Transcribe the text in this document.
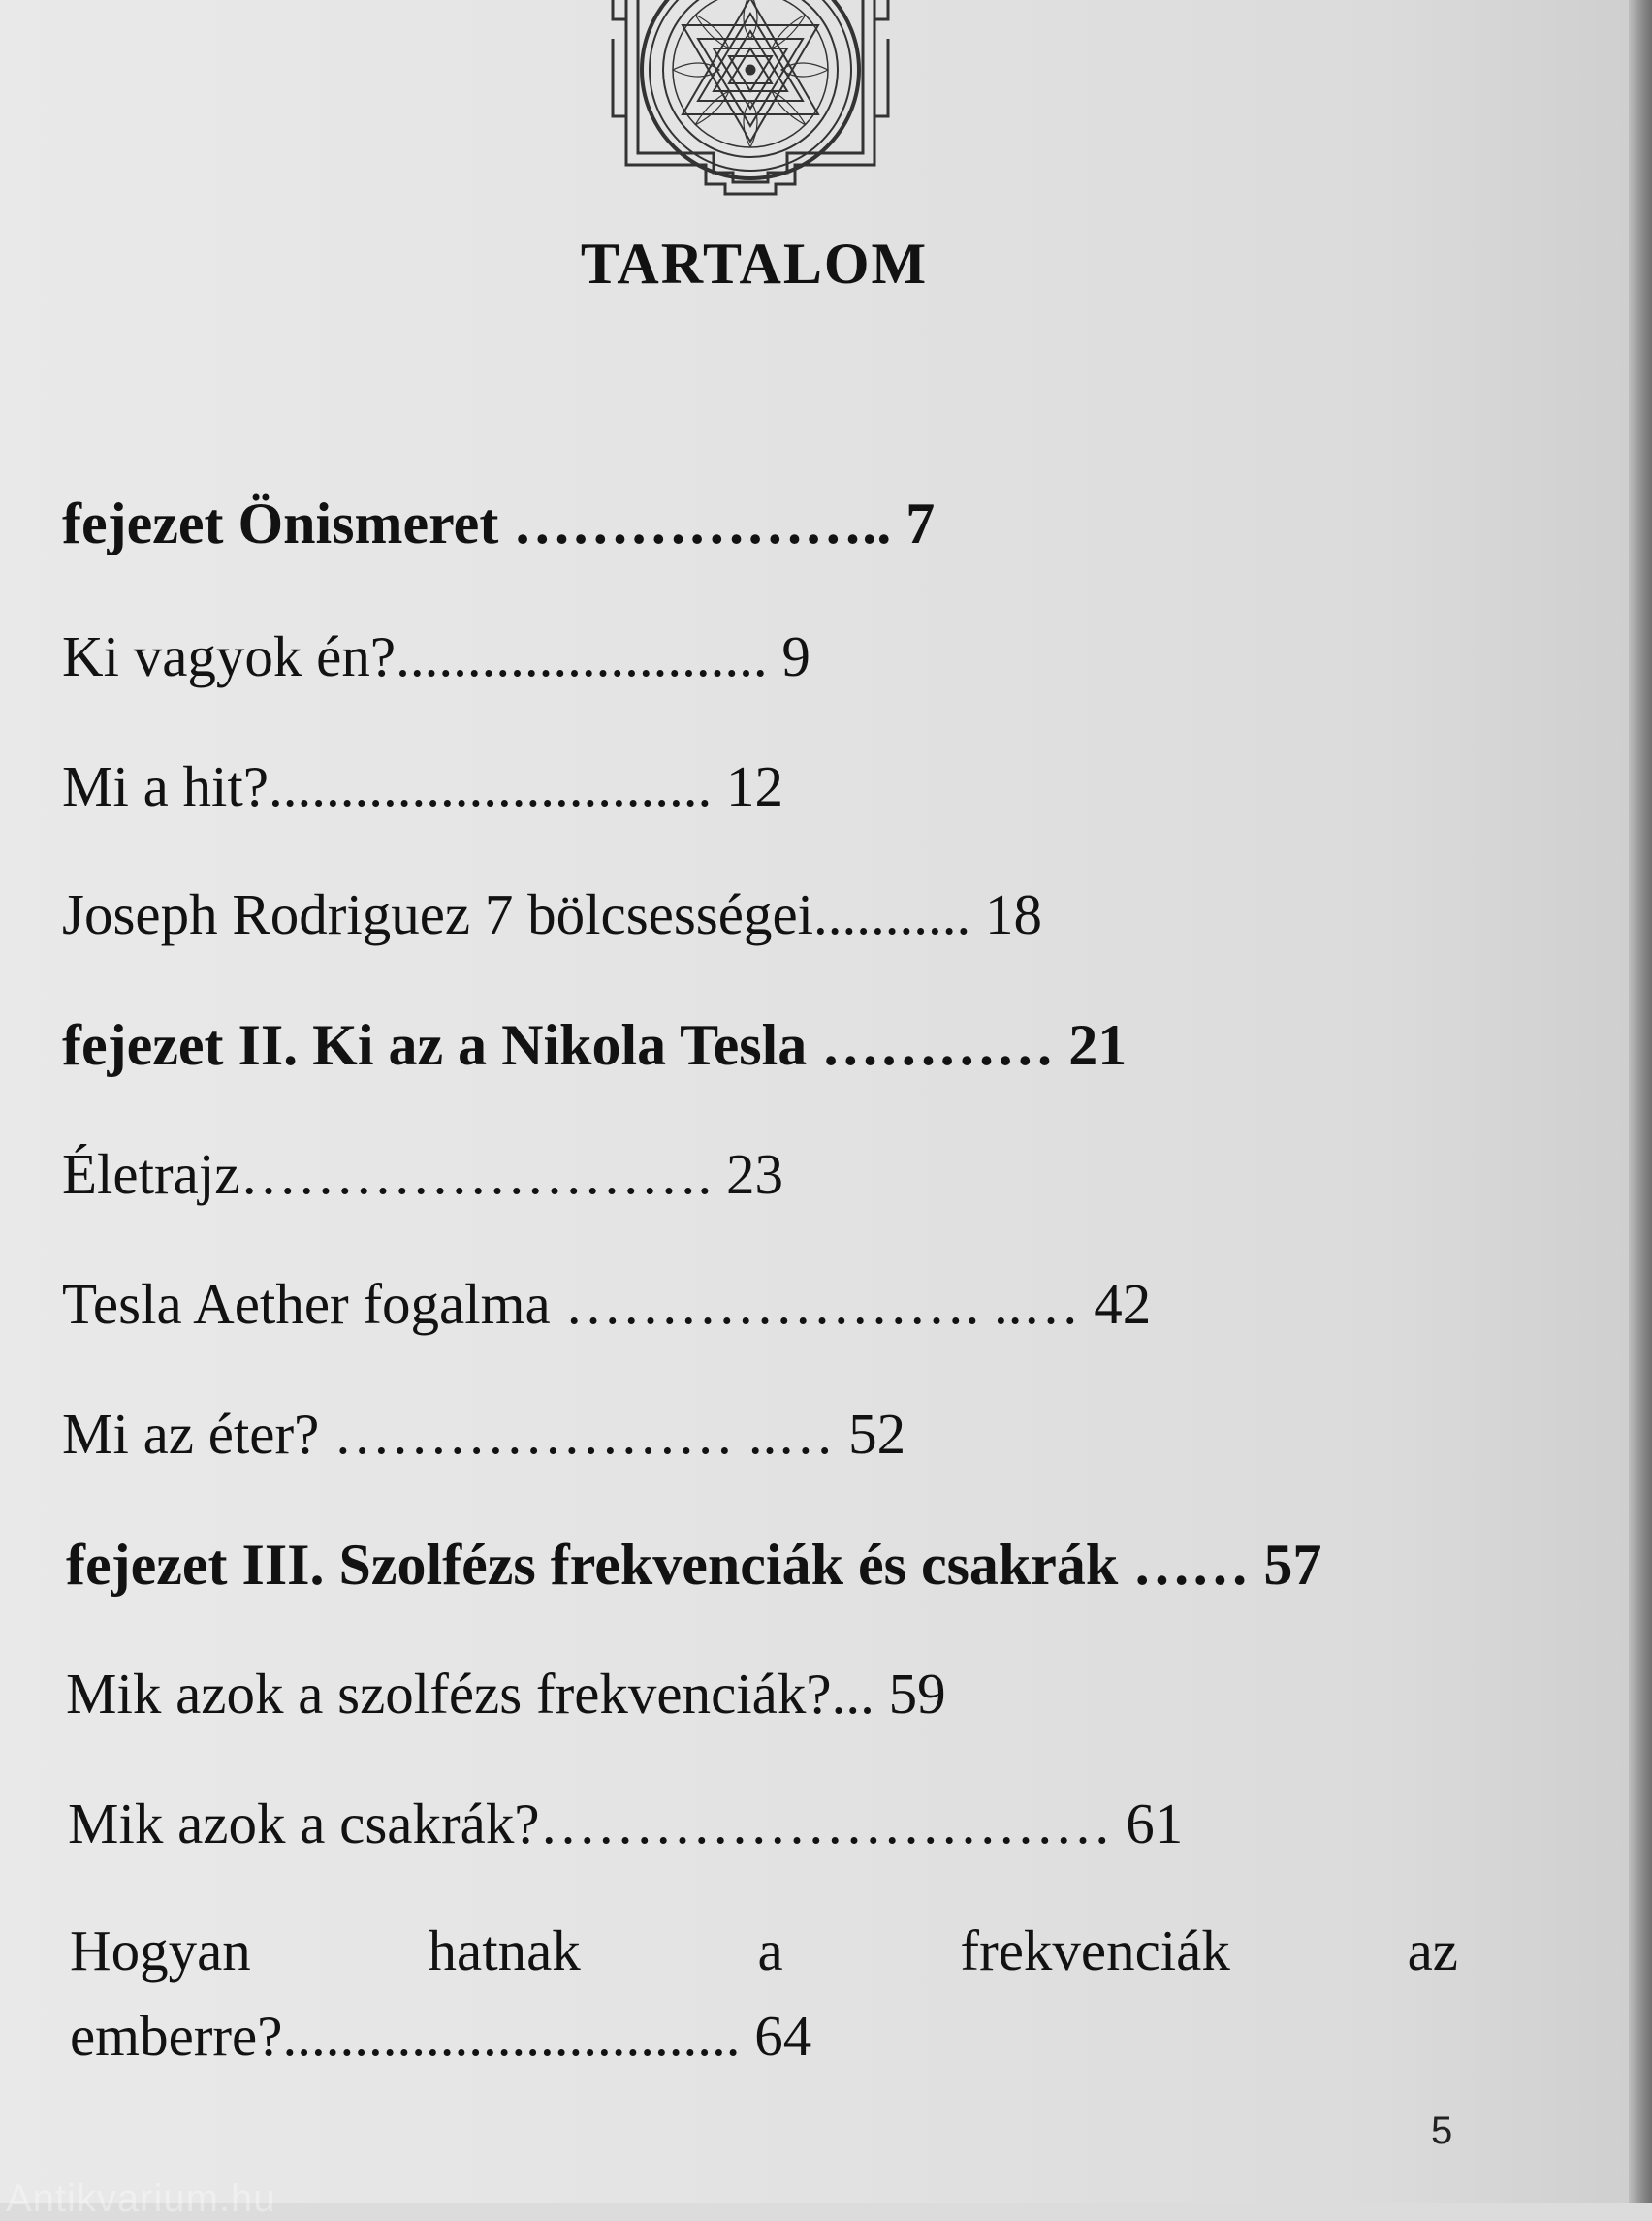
TARTALOM
fejezet Önismeret ……………….. 7
Ki vagyok én?.......................... 9
Mi a hit?............................... 12
Joseph Rodriguez 7 bölcsességei........... 18
fejezet II. Ki az a Nikola Tesla ………… 21
Életrajz……………………. 23
Tesla Aether fogalma …………………. ..… 42
Mi az éter? ………………… ..… 52
fejezet III. Szolfézs frekvenciák és csakrák …… 57
Mik azok a szolfézs frekvenciák?... 59
Mik azok a csakrák?………………………… 61
Hogyan	hatnak	a	frekvenciák	az
emberre?................................ 64
5
Antikvarium.hu
